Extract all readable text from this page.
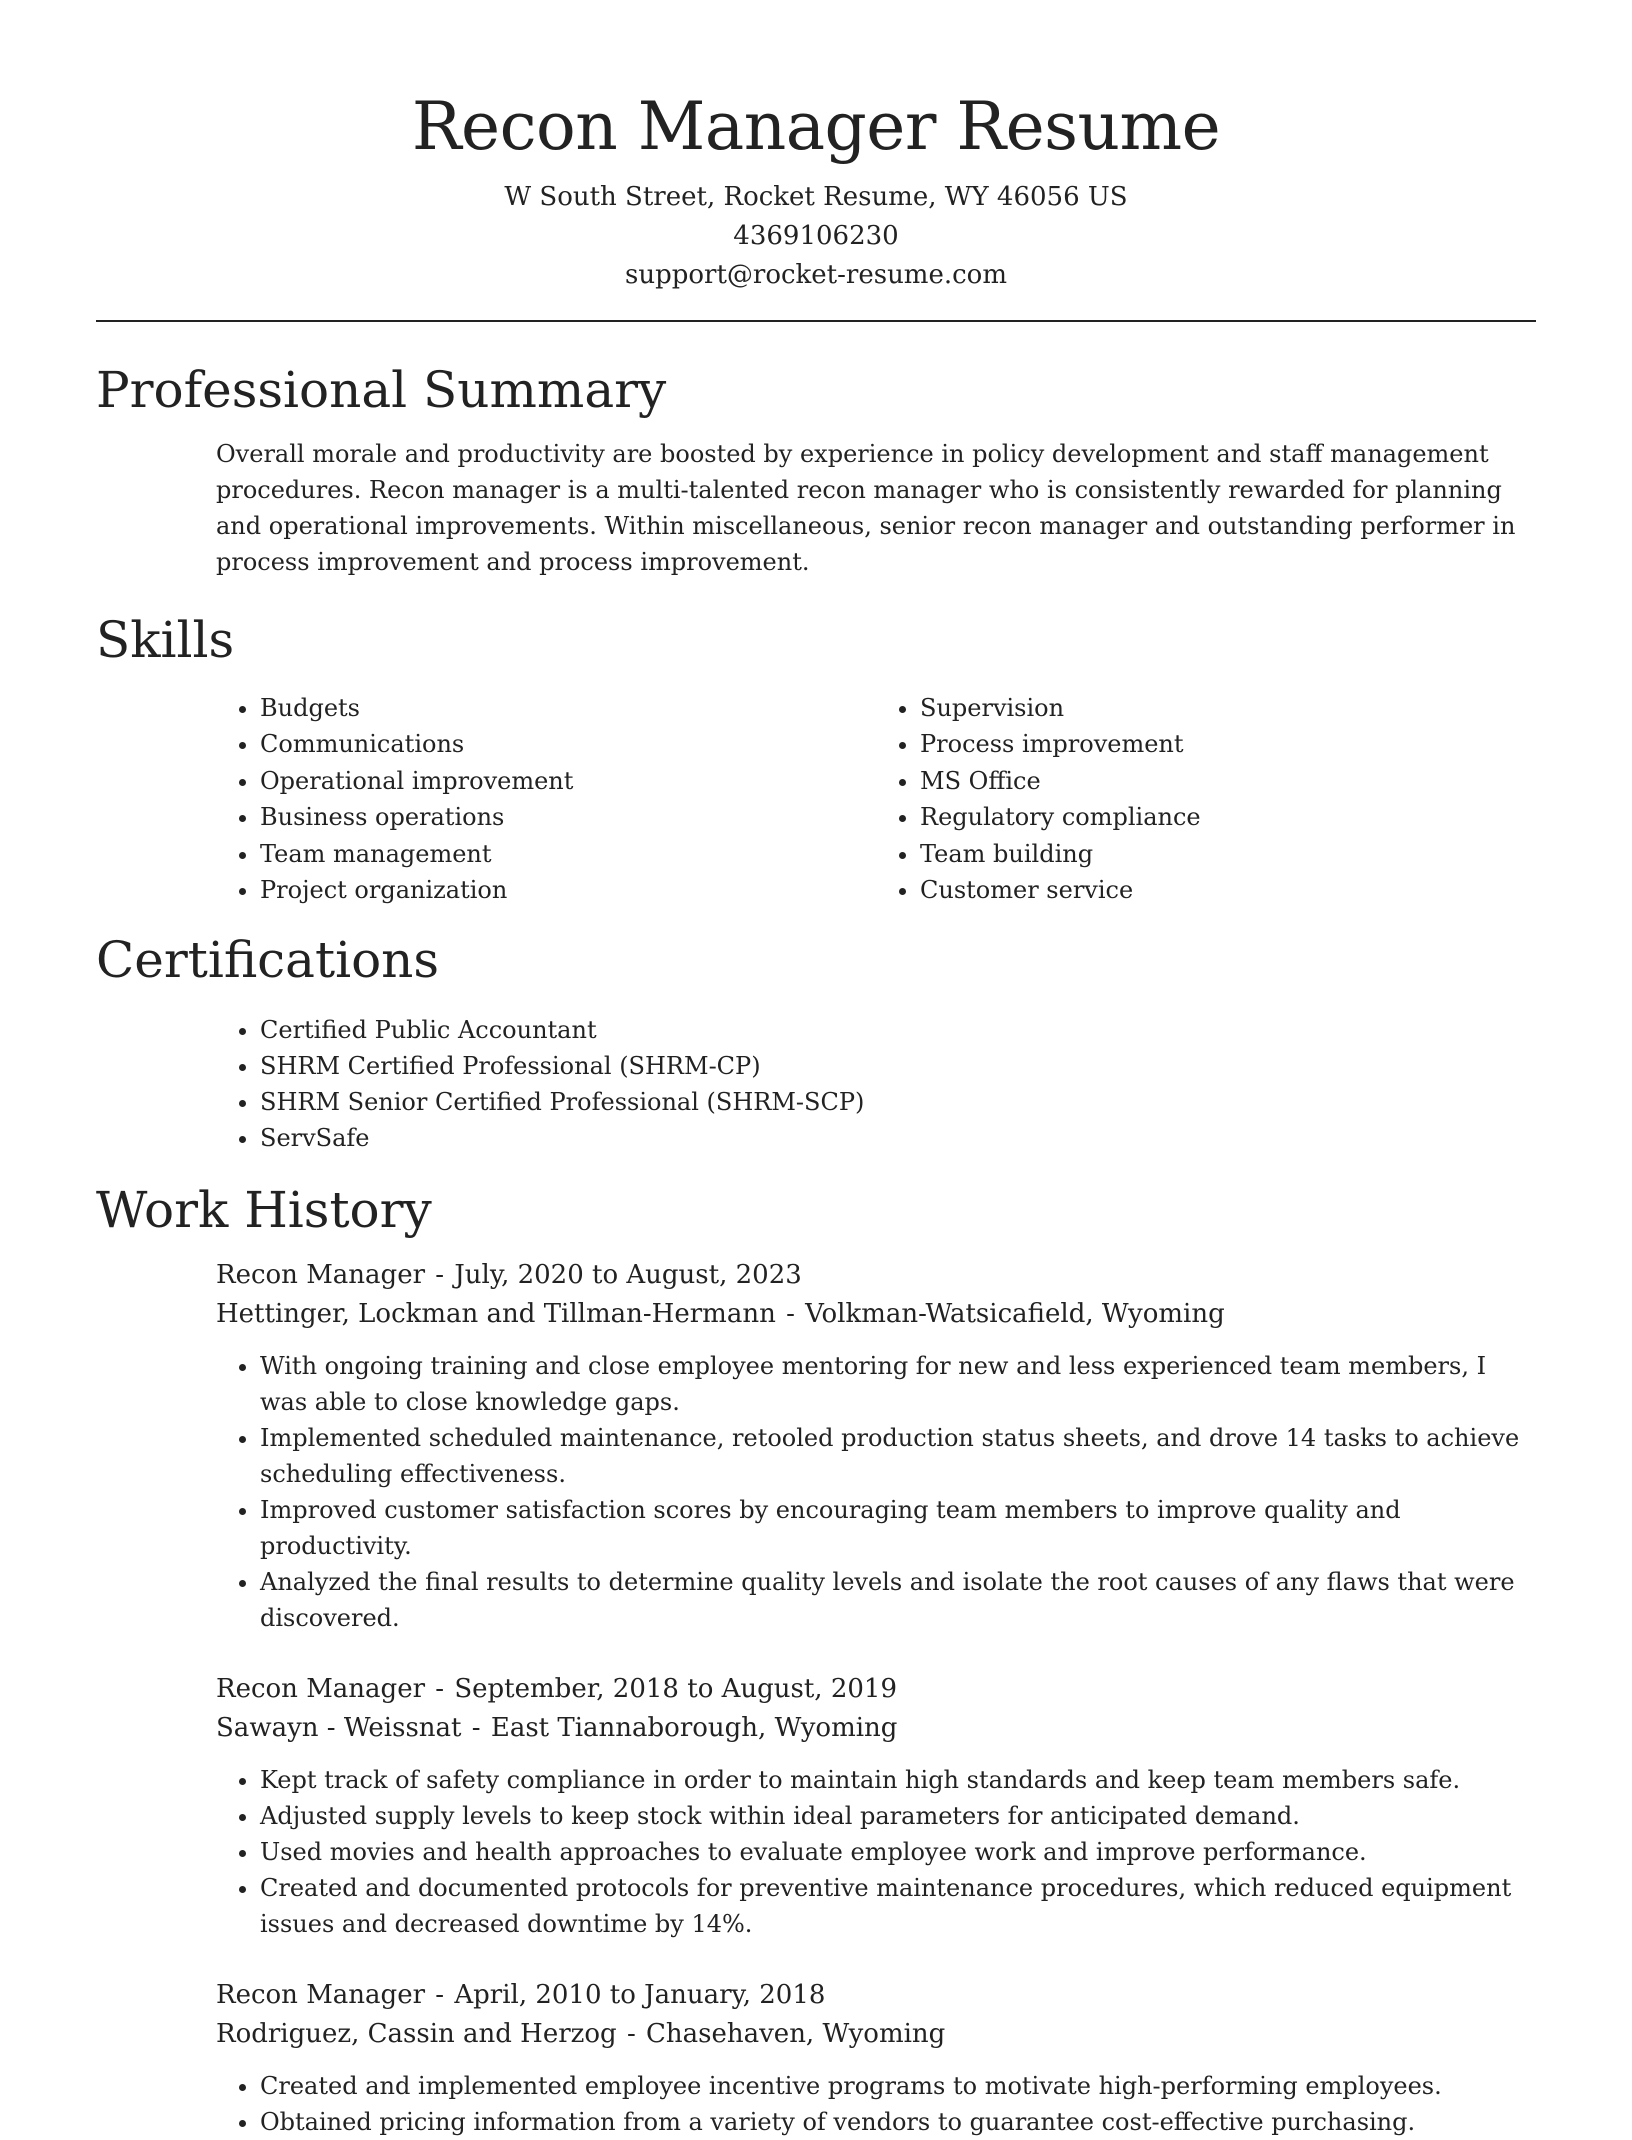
Recon Manager Resume
W South Street, Rocket Resume, WY 46056 US
4369106230
support@rocket-resume.com
Professional Summary

Overall morale and productivity are boosted by experience in policy development and staff management procedures. Recon manager is a multi-talented recon manager who is consistently rewarded for planning and operational improvements. Within miscellaneous, senior recon manager and outstanding performer in process improvement and process improvement.

Skills
• Budgets
• Communications
• Operational improvement
• Business operations
• Team management
• Project organization
• Supervision
• Process improvement
• MS Office
• Regulatory compliance
• Team building
• Customer service
Certifications
• Certified Public Accountant
• SHRM Certified Professional (SHRM-CP)
• SHRM Senior Certified Professional (SHRM-SCP)
• ServSafe
Work History
Recon Manager - July, 2020 to August, 2023
Hettinger, Lockman and Tillman-Hermann - Volkman-Watsicafield, Wyoming
• With ongoing training and close employee mentoring for new and less experienced team members, I was able to close knowledge gaps.
• Implemented scheduled maintenance, retooled production status sheets, and drove 14 tasks to achieve scheduling effectiveness.
• Improved customer satisfaction scores by encouraging team members to improve quality and productivity.
• Analyzed the final results to determine quality levels and isolate the root causes of any flaws that were discovered.
Recon Manager - September, 2018 to August, 2019
Sawayn - Weissnat - East Tiannaborough, Wyoming
• Kept track of safety compliance in order to maintain high standards and keep team members safe.
• Adjusted supply levels to keep stock within ideal parameters for anticipated demand.
• Used movies and health approaches to evaluate employee work and improve performance.
• Created and documented protocols for preventive maintenance procedures, which reduced equipment issues and decreased downtime by 14%.
Recon Manager - April, 2010 to January, 2018
Rodriguez, Cassin and Herzog - Chasehaven, Wyoming
• Created and implemented employee incentive programs to motivate high-performing employees.
• Obtained pricing information from a variety of vendors to guarantee cost-effective purchasing.
